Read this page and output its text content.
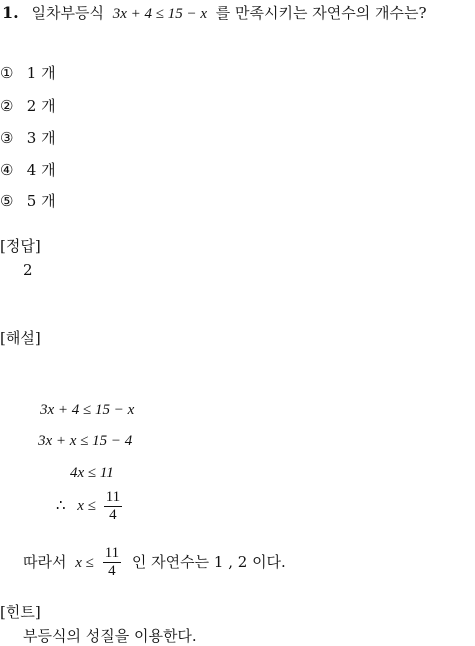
1. 일차부등식 3x + 4 ≤ 15 − x 를 만족시키는 자연수의 개수는?
① 1 개
② 2 개
③ 3 개
④ 4 개
⑤ 5 개
[정답]
2
[해설]
3x + 4 ≤ 15 − x
3x + x ≤ 15 − 4
4x ≤ 11
∴ $x \le \frac{11}{4}$
따라서 $x \le \frac{11}{4}$ 인 자연수는 1 , 2 이다.
[힌트]
부등식의 성질을 이용한다.
